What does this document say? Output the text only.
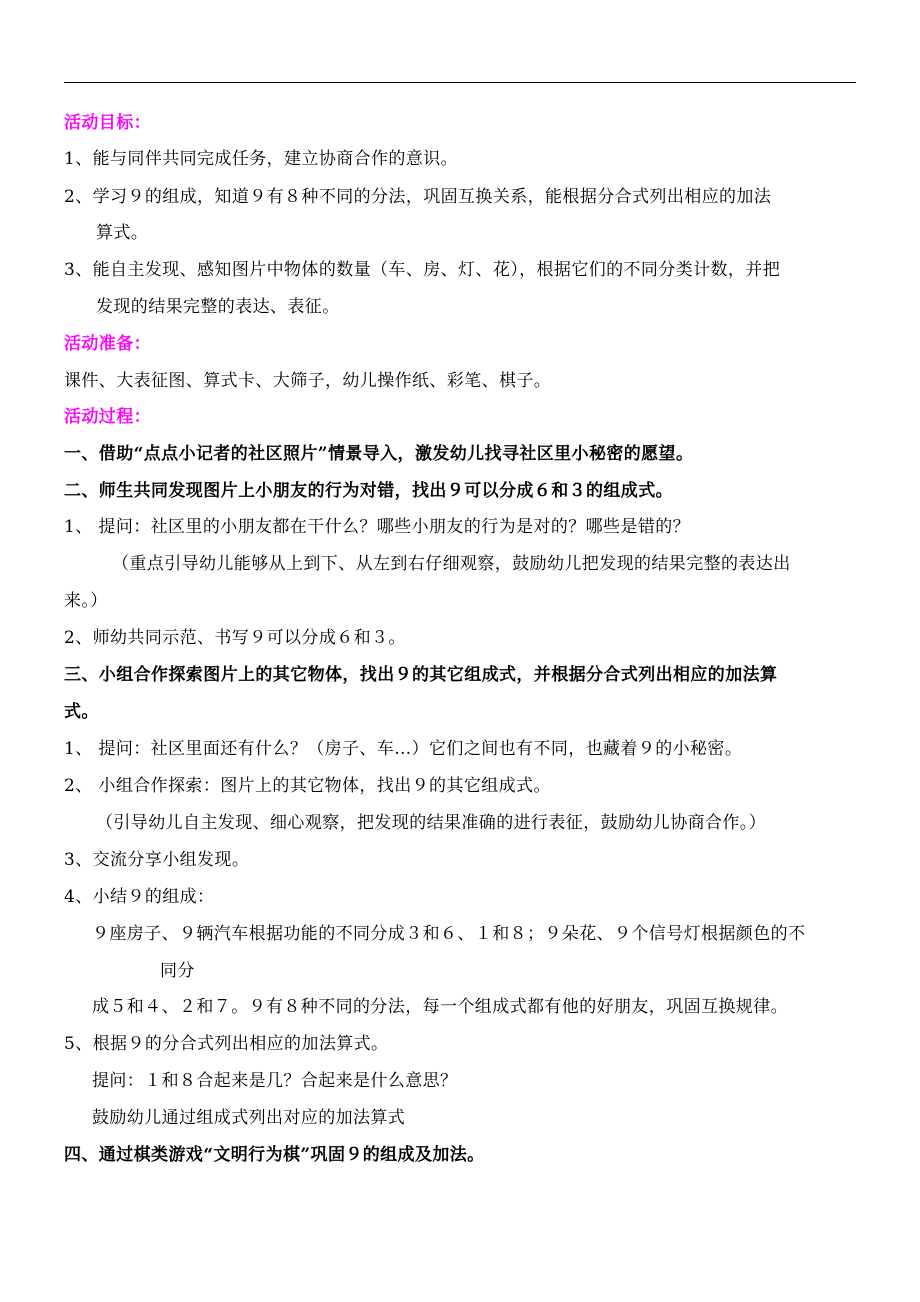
活动目标：
1、能与同伴共同完成任务，建立协商合作的意识。
2、学习９的组成，知道９有８种不同的分法，巩固互换关系，能根据分合式列出相应的加法
算式。
3、能自主发现、感知图片中物体的数量（车、房、灯、花），根据它们的不同分类计数，并把
发现的结果完整的表达、表征。
活动准备：
课件、大表征图、算式卡、大筛子，幼儿操作纸、彩笔、棋子。
活动过程：
一、借助“点点小记者的社区照片”情景导入，激发幼儿找寻社区里小秘密的愿望。
二、师生共同发现图片上小朋友的行为对错，找出９可以分成６和３的组成式。
1、 提问：社区里的小朋友都在干什么？哪些小朋友的行为是对的？哪些是错的？
（重点引导幼儿能够从上到下、从左到右仔细观察，鼓励幼儿把发现的结果完整的表达出
来。）
2、师幼共同示范、书写９可以分成６和３。
三、小组合作探索图片上的其它物体，找出９的其它组成式，并根据分合式列出相应的加法算
式。
1、 提问：社区里面还有什么？（房子、车…）它们之间也有不同，也藏着９的小秘密。
2、 小组合作探索：图片上的其它物体，找出９的其它组成式。
（引导幼儿自主发现、细心观察，把发现的结果准确的进行表征，鼓励幼儿协商合作。）
3、交流分享小组发现。
4、小结９的组成：
９座房子、９辆汽车根据功能的不同分成３和６、１和８；９朵花、９个信号灯根据颜色的不
同分
成５和４、２和７。９有８种不同的分法，每一个组成式都有他的好朋友，巩固互换规律。
5、根据９的分合式列出相应的加法算式。
提问：１和８合起来是几？合起来是什么意思？
鼓励幼儿通过组成式列出对应的加法算式
四、通过棋类游戏“文明行为棋”巩固９的组成及加法。
